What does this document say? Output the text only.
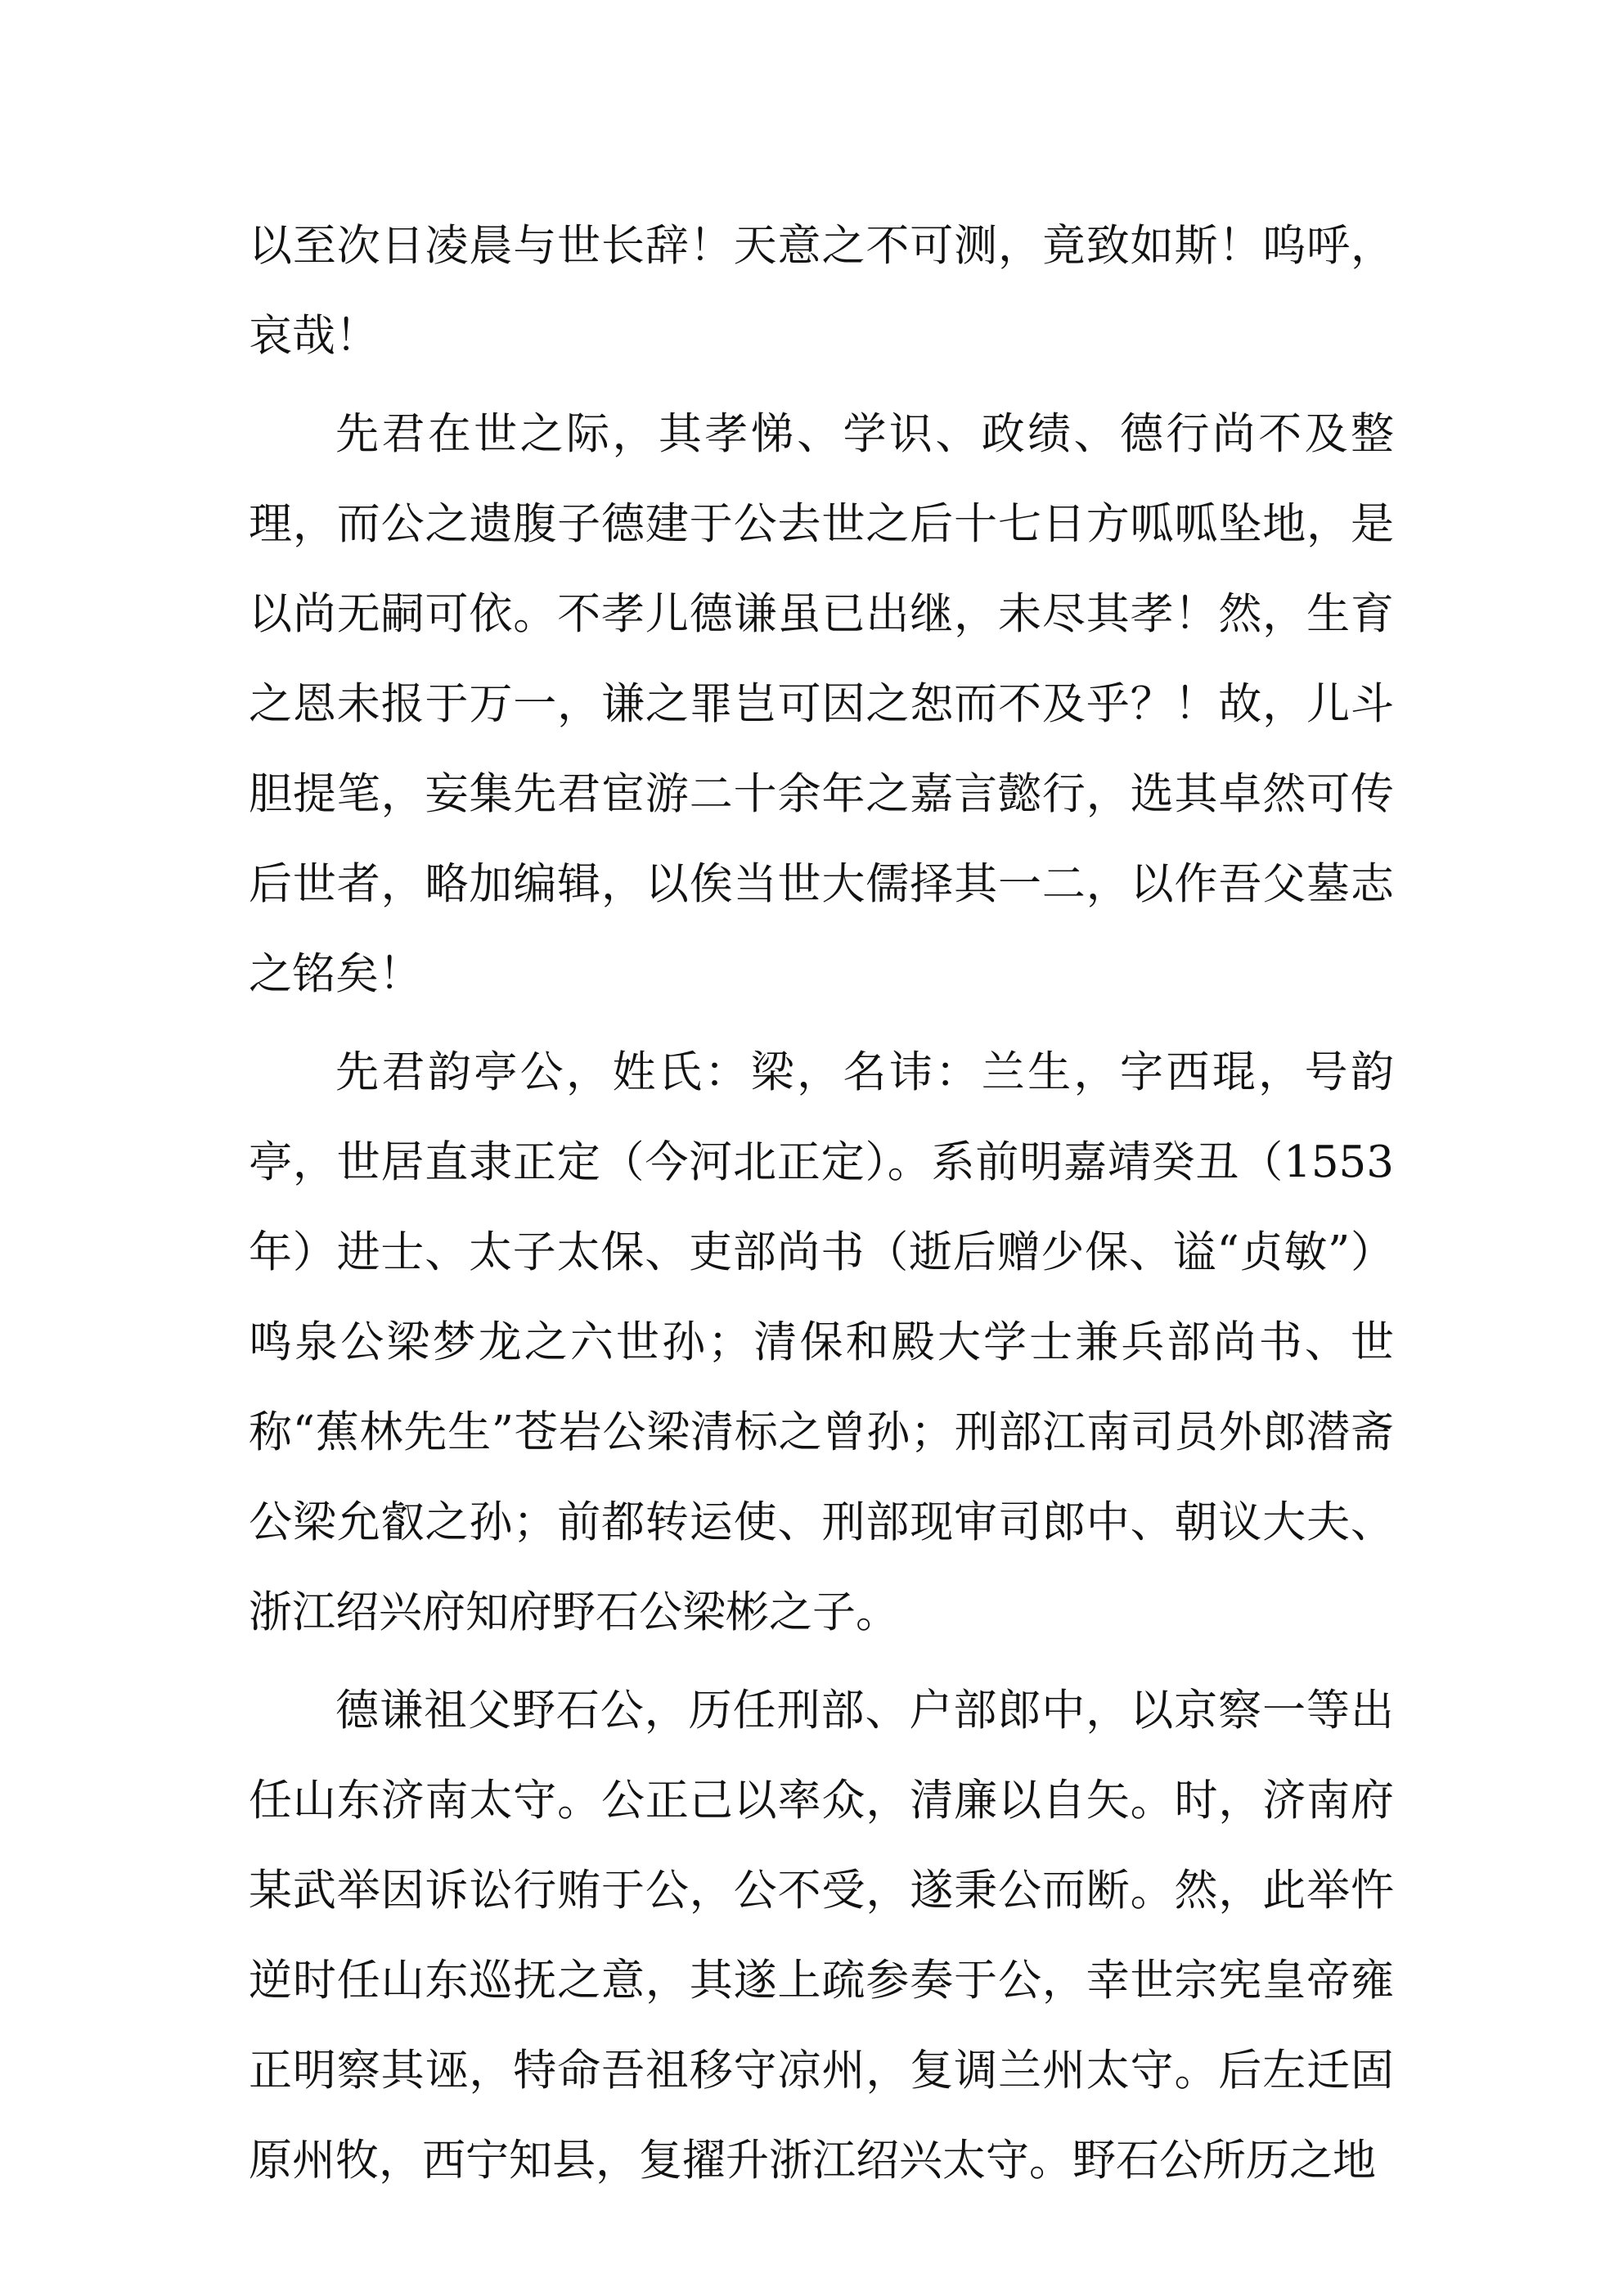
以至次日凌晨与世长辞！天意之不可测，竟致如斯！呜呼，哀哉！

先君在世之际，其孝悌、学识、政绩、德行尚不及整理，而公之遗腹子德建于公去世之后十七日方呱呱坠地，是以尚无嗣可依。不孝儿德谦虽已出继，未尽其孝！然，生育之恩未报于万一，谦之罪岂可因之恕而不及乎？！故，儿斗胆提笔，妄集先君宦游二十余年之嘉言懿行，选其卓然可传后世者，略加编辑，以俟当世大儒择其一二，以作吾父墓志之铭矣！

先君韵亭公，姓氏：梁，名讳：兰生，字西琨，号韵亭，世居直隶正定（今河北正定）。系前明嘉靖癸丑（1553年）进士、太子太保、吏部尚书（逝后赠少保、谥“贞敏”）鸣泉公梁梦龙之六世孙；清保和殿大学士兼兵部尚书、世称“蕉林先生”苍岩公梁清标之曾孙；刑部江南司员外郎潜斋公梁允叡之孙；前都转运使、刑部现审司郎中、朝议大夫、浙江绍兴府知府野石公梁彬之子。

德谦祖父野石公，历任刑部、户部郎中，以京察一等出任山东济南太守。公正己以率众，清廉以自矢。时，济南府某武举因诉讼行贿于公，公不受，遂秉公而断。然，此举忤逆时任山东巡抚之意，其遂上疏参奏于公，幸世宗宪皇帝雍正明察其诬，特命吾祖移守凉州，复调兰州太守。后左迁固原州牧，西宁知县，复擢升浙江绍兴太守。野石公所历之地
